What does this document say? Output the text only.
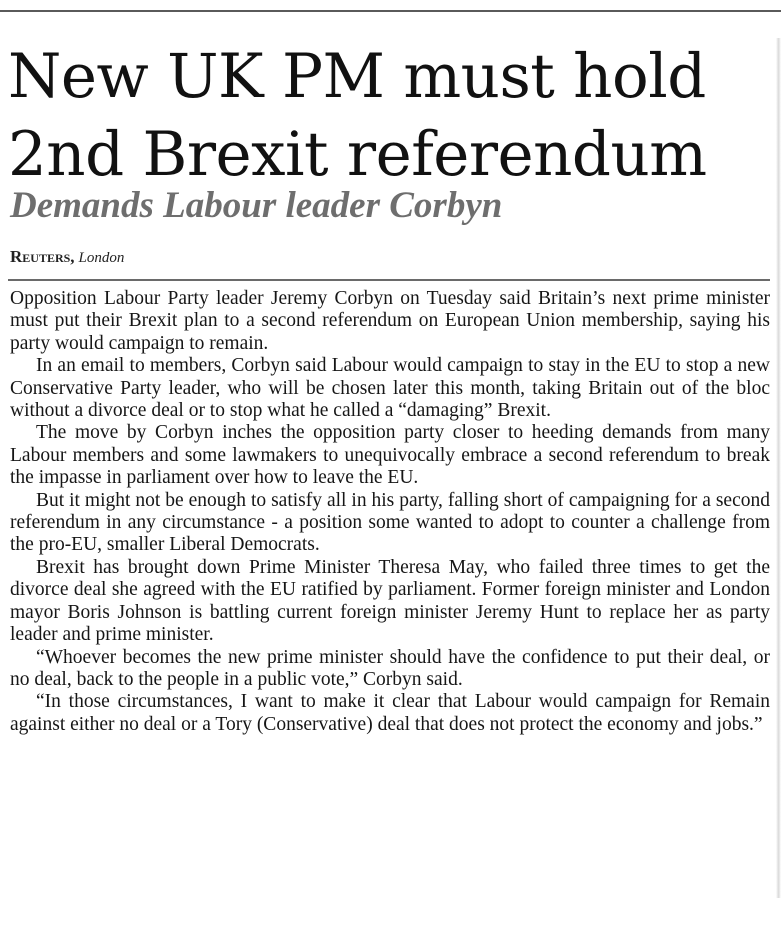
New UK PM must hold 2nd Brexit referendum
Demands Labour leader Corbyn
Reuters, London

Opposition Labour Party leader Jeremy Corbyn on Tuesday said Britain’s next prime minister must put their Brexit plan to a second referendum on European Union membership, saying his party would campaign to remain.

In an email to members, Corbyn said Labour would campaign to stay in the EU to stop a new Conservative Party leader, who will be chosen later this month, taking Britain out of the bloc without a divorce deal or to stop what he called a “damaging” Brexit.

The move by Corbyn inches the opposition party closer to heeding demands from many Labour members and some lawmakers to unequivocally embrace a second referendum to break the impasse in parliament over how to leave the EU.

But it might not be enough to satisfy all in his party, falling short of campaigning for a second referendum in any circumstance - a position some wanted to adopt to counter a challenge from the pro-EU, smaller Liberal Democrats.

Brexit has brought down Prime Minister Theresa May, who failed three times to get the divorce deal she agreed with the EU ratified by parliament. Former foreign minister and London mayor Boris Johnson is battling current foreign minister Jeremy Hunt to replace her as party leader and prime minister.

“Whoever becomes the new prime minister should have the confidence to put their deal, or no deal, back to the people in a public vote,” Corbyn said.

“In those circumstances, I want to make it clear that Labour would campaign for Remain against either no deal or a Tory (Conservative) deal that does not protect the economy and jobs.”
